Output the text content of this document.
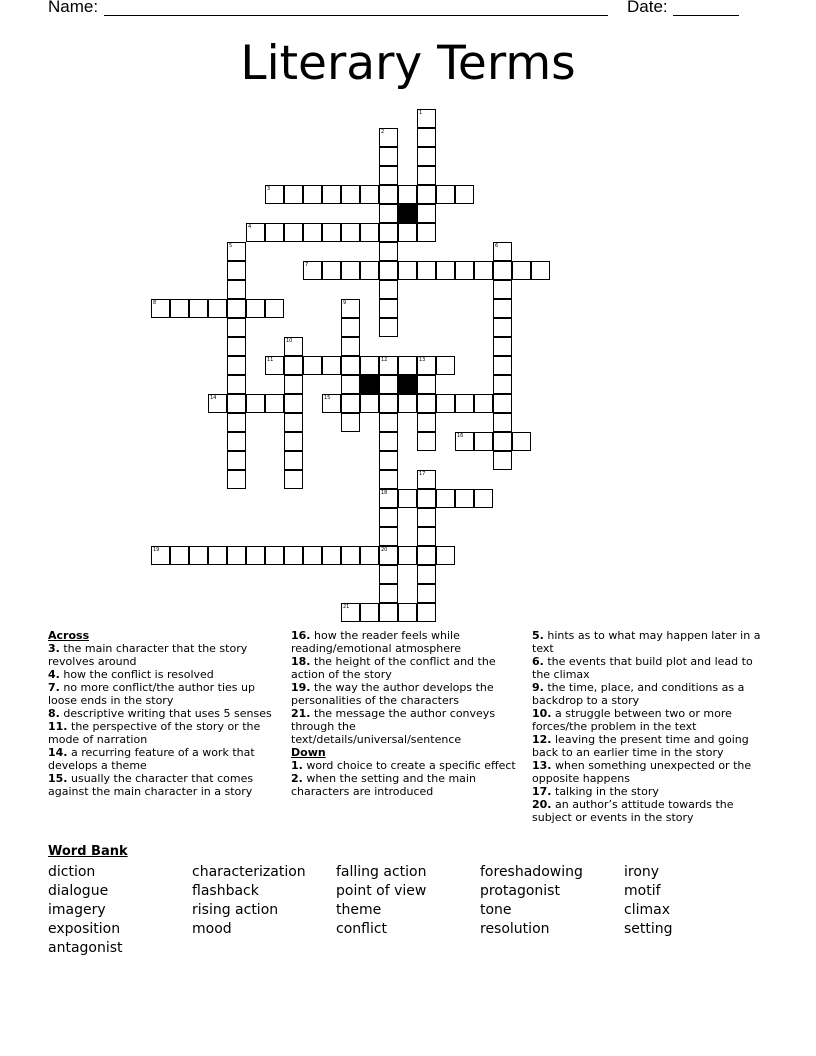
Name:	Date:
Literary Terms
1
2
3
4
5	6
7
8	9
10
11	12	13
18
20
14	15
16
17
19
21
Across
3. the main character that the story revolves around
4. how the conflict is resolved
7. no more conflict/the author ties up loose ends in the story
8. descriptive writing that uses 5 senses
11. the perspective of the story or the mode of narration
14. a recurring feature of a work that develops a theme
15. usually the character that comes against the main character in a story
16. how the reader feels while reading/emotional atmosphere
18. the height of the conflict and the action of the story
19. the way the author develops the personalities of the characters
21. the message the author conveys through the text/details/universal/sentence
Down
1. word choice to create a specific effect
2. when the setting and the main characters are introduced
5. hints as to what may happen later in a text
6. the events that build plot and lead to the climax
9. the time, place, and conditions as a backdrop to a story
10. a struggle between two or more forces/the problem in the text
12. leaving the present time and going back to an earlier time in the story
13. when something unexpected or the opposite happens
17. talking in the story
20. an author’s attitude towards the subject or events in the story
Word Bank
diction
dialogue
imagery
exposition
antagonist
characterization
flashback
rising action
mood
falling action
point of view
theme
conflict
foreshadowing
protagonist
tone
resolution
irony
motif
climax
setting
